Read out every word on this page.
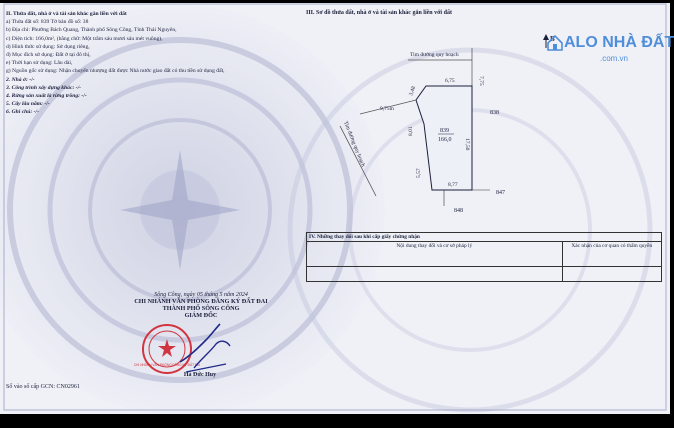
II. Thửa đất, nhà ở và tài sản khác gắn liền với đất
a) Thửa đất số: 839 Tờ bản đồ số: 38
b) Địa chỉ: Phường Bách Quang, Thành phố Sông Công, Tỉnh Thái Nguyên,
c) Diện tích: 166,0m², (bằng chữ: Một trăm sáu mươi sáu mét vuông),
d) Hình thức sử dụng: Sử dụng riêng,
đ) Mục đích sử dụng: Đất ở tại đô thị,
e) Thời hạn sử dụng: Lâu dài,
g) Nguồn gốc sử dụng: Nhận chuyển nhượng đất được Nhà nước giao đất có thu tiền sử dụng đất,
2. Nhà ở: -/-
3. Công trình xây dựng khác: -/-
4. Rừng sản xuất là rừng trồng: -/-
5. Cây lâu năm: -/-
6. Ghi chú: -/-
Sông Công, ngày 05 tháng 5 năm 2024
CHI NHÁNH VĂN PHÒNG ĐĂNG KÝ ĐẤT ĐAI
THÀNH PHỐ SÔNG CÔNG
GIÁM ĐỐC
CHI NHÁNH VĂN PHÒNG ĐĂNG KÝ ĐẤT ĐAI
Hà Đức Huy
Số vào sổ cấp GCN: CN02961
III. Sơ đồ thửa đất, nhà ở và tài sản khác gắn liền với đất
B
Tim đường quy hoạch
7,75
Tim đường quy hoạch
6,75
9,75m
3,48
8,01
5,57
17,50
8,77
839
166,0
838
847
848
IV. Những thay đổi sau khi cấp giấy chứng nhận	
Nội dung thay đổi và cơ sở pháp lý	Xác nhận của cơ quan có thẩm quyền

ALO NHÀ ĐẤT
.com.vn
